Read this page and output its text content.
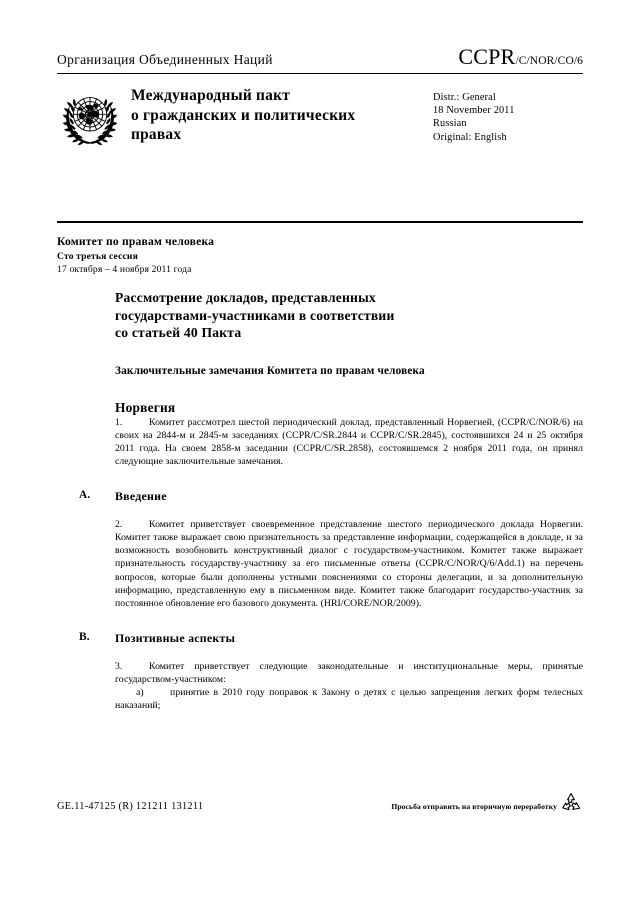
Организация Объединенных Наций	CCPR/C/NOR/CO/6
Международный пакт
о гражданских и политических
правах
Distr.: General
18 November 2011
Russian
Original: English
Комитет по правам человека
Сто третья сессия
17 октября – 4 ноября 2011 года
Рассмотрение докладов, представленных
государствами-участниками в соответствии
со статьей 40 Пакта
Заключительные замечания Комитета по правам человека
Норвегия

1.	Комитет рассмотрел шестой периодический доклад, представленный Норвегией, (CCPR/C/NOR/6) на своих на 2844-м и 2845-м заседаниях (CCPR/C/SR.2844 и CCPR/C/SR.2845), состоявшихся 24 и 25 октября 2011 года. На своем 2858-м заседании (CCPR/C/SR.2858), состоявшемся 2 ноября 2011 года, он принял следующие заключительные замечания.

A. Введение

2.	Комитет приветствует своевременное представление шестого периодического доклада Норвегии. Комитет также выражает свою признательность за представление информации, содержащейся в докладе, и за возможность возобновить конструктивный диалог с государством-участником. Комитет также выражает признательность государству-участнику за его письменные ответы (CCPR/C/NOR/Q/6/Add.1) на перечень вопросов, которые были дополнены устными пояснениями со стороны делегации, и за дополнительную информацию, представленную ему в письменном виде. Комитет также благодарит государство-участник за постоянное обновление его базового документа. (HRI/CORE/NOR/2009).

B. Позитивные аспекты

3.	Комитет приветствует следующие законодательные и институциональные меры, принятые государством-участником:

a)	принятие в 2010 году поправок к Закону о детях с целью запрещения легких форм телесных наказаний;

GE.11-47125 (R) 121211 131211	Просьба отправить на вторичную переработку
